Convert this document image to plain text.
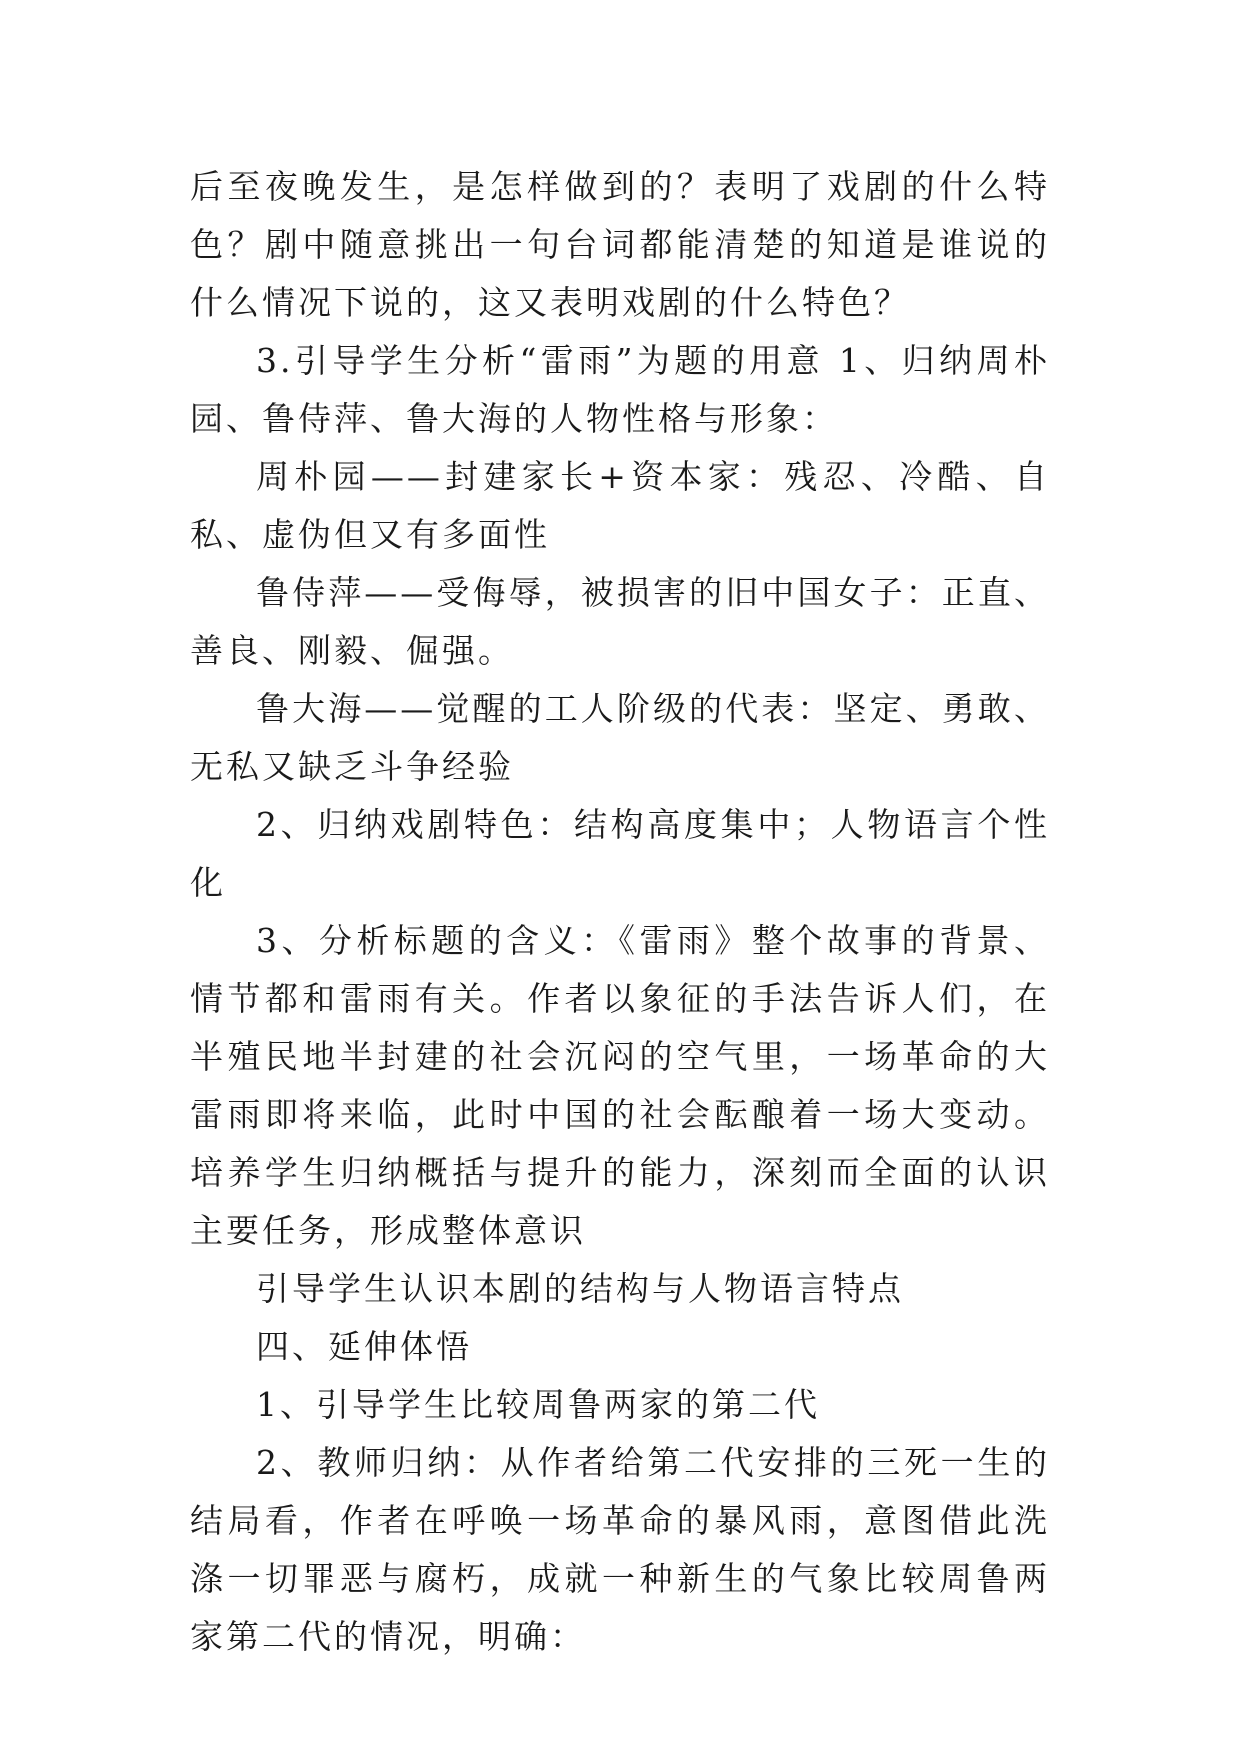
后至夜晚发生，是怎样做到的？表明了戏剧的什么特色？剧中随意挑出一句台词都能清楚的知道是谁说的什么情况下说的，这又表明戏剧的什么特色？

3.引导学生分析“雷雨”为题的用意 1、归纳周朴园、鲁侍萍、鲁大海的人物性格与形象：

周朴园——封建家长+资本家：残忍、冷酷、自私、虚伪但又有多面性

鲁侍萍——受侮辱，被损害的旧中国女子：正直、善良、刚毅、倔强。

鲁大海——觉醒的工人阶级的代表：坚定、勇敢、无私又缺乏斗争经验

2、归纳戏剧特色：结构高度集中；人物语言个性化

3、分析标题的含义：《雷雨》整个故事的背景、情节都和雷雨有关。作者以象征的手法告诉人们，在半殖民地半封建的社会沉闷的空气里，一场革命的大雷雨即将来临，此时中国的社会酝酿着一场大变动。培养学生归纳概括与提升的能力，深刻而全面的认识主要任务，形成整体意识

引导学生认识本剧的结构与人物语言特点

四、延伸体悟

1、引导学生比较周鲁两家的第二代

2、教师归纳：从作者给第二代安排的三死一生的结局看，作者在呼唤一场革命的暴风雨，意图借此洗涤一切罪恶与腐朽，成就一种新生的气象比较周鲁两家第二代的情况，明确：
